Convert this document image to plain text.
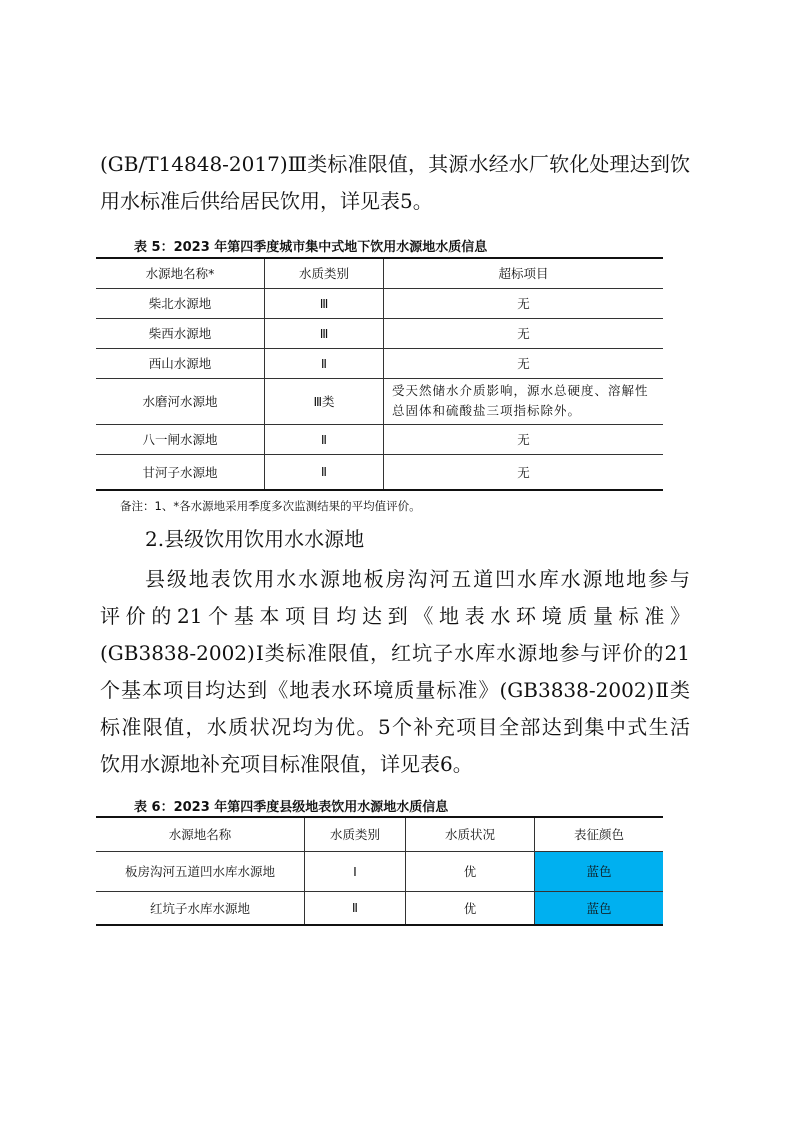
(GB/T14848-2017)Ⅲ类标准限值，其源水经水厂软化处理达到饮
用水标准后供给居民饮用，详见表5。

表 5：2023 年第四季度城市集中式地下饮用水源地水质信息

水源地名称*	水质类别	超标项目
柴北水源地	Ⅲ	无
柴西水源地	Ⅲ	无
西山水源地	Ⅱ	无
水磨河水源地	Ⅲ类	受天然储水介质影响，源水总硬度、溶解性总固体和硫酸盐三项指标除外。
八一闸水源地	Ⅱ	无
甘河子水源地	Ⅱ	无

备注：1、*各水源地采用季度多次监测结果的平均值评价。

2.县级饮用饮用水水源地

县级地表饮用水水源地板房沟河五道凹水库水源地地参与
评价的21个基本项目均达到《地表水环境质量标准》
(GB3838-2002)Ⅰ类标准限值，红坑子水库水源地参与评价的21
个基本项目均达到《地表水环境质量标准》(GB3838-2002)Ⅱ类
标准限值，水质状况均为优。5个补充项目全部达到集中式生活
饮用水源地补充项目标准限值，详见表6。

表 6：2023 年第四季度县级地表饮用水源地水质信息

水源地名称	水质类别	水质状况	表征颜色
板房沟河五道凹水库水源地	Ⅰ	优	蓝色
红坑子水库水源地	Ⅱ	优	蓝色
